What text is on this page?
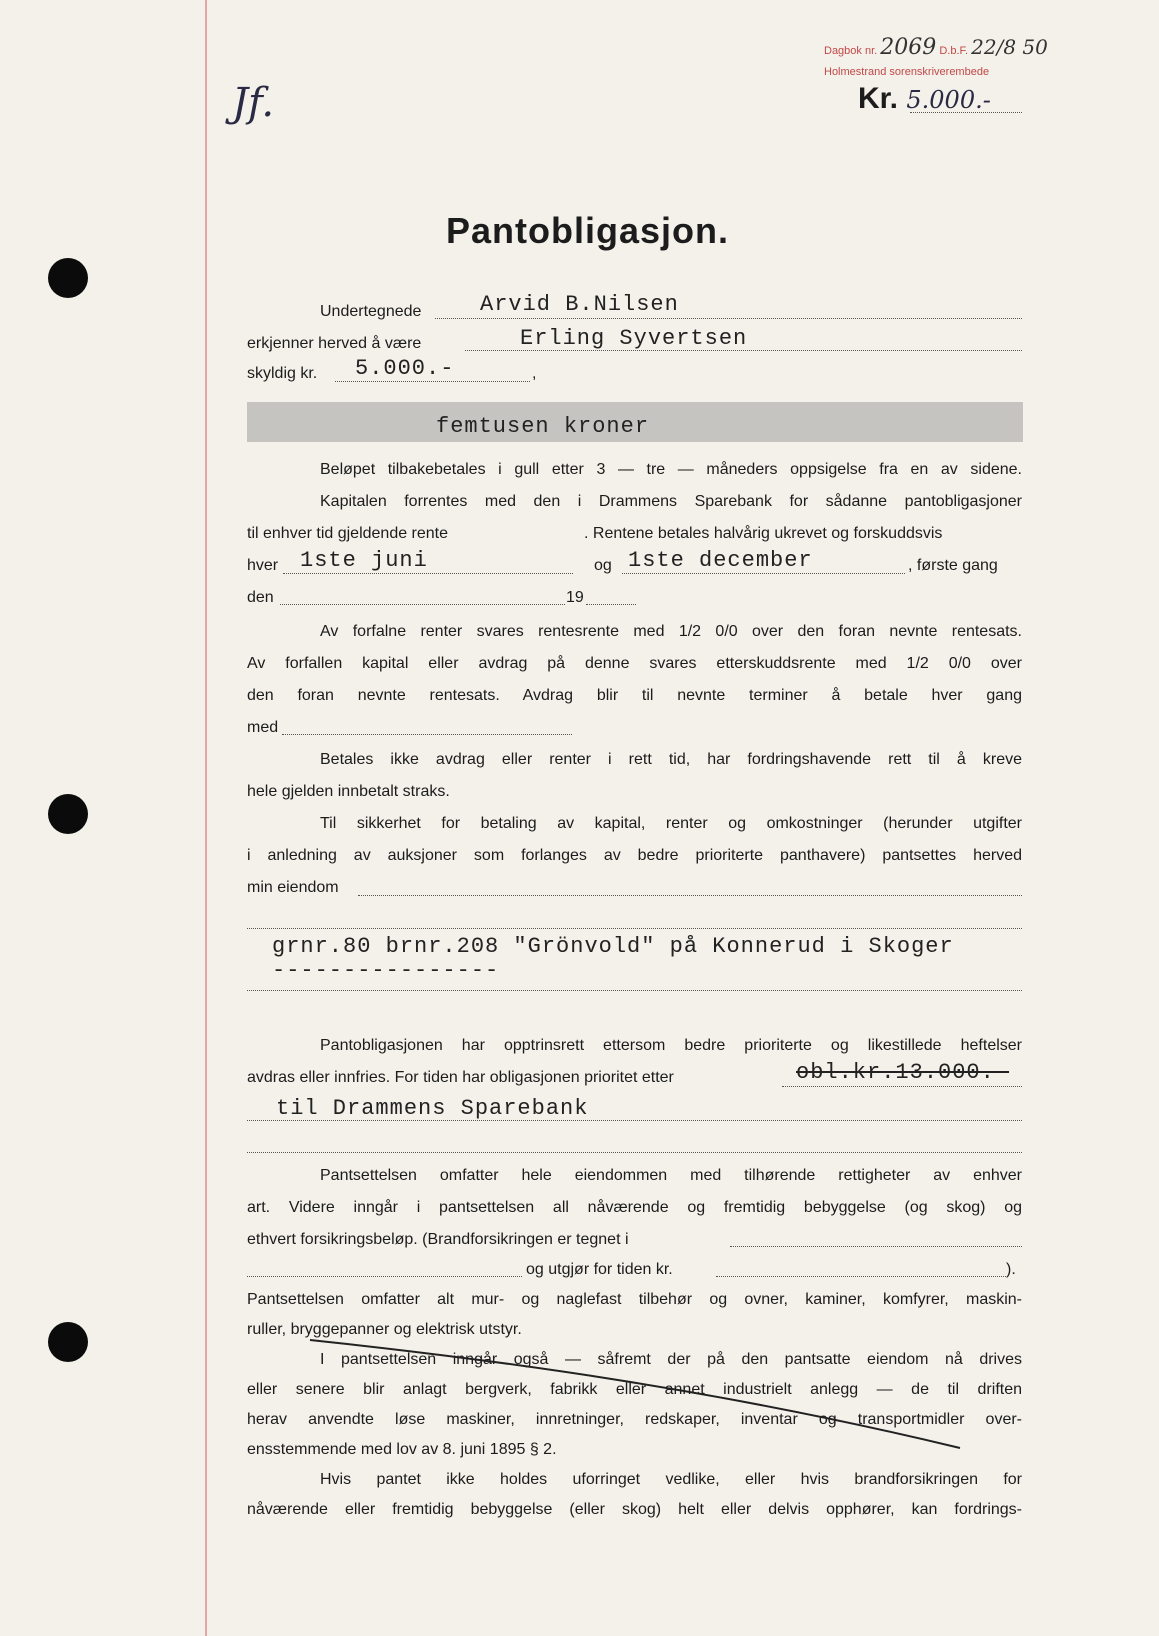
Dagbok nr. 2069 D.b.F. 22/8 50
Holmestrand sorenskriverembede
Kr. 5.000.-
Jf.
Pantobligasjon.
Undertegnede	Arvid B.Nilsen
erkjenner herved å være	Erling Syvertsen
skyldig kr. 5.000.-	,
femtusen kroner
Beløpet tilbakebetales i gull etter 3 — tre — måneders oppsigelse fra en av sidene.
Kapitalen forrentes med den i Drammens Sparebank for sådanne pantobligasjoner
til enhver tid gjeldende rente	. Rentene betales halvårig ukrevet og forskuddsvis
hver 1ste juni	og 1ste december	, første gang
den	19
Av forfalne renter svares rentesrente med 1/2 0/0 over den foran nevnte rentesats.
Av forfallen kapital eller avdrag på denne svares etterskuddsrente med 1/2 0/0 over
den foran nevnte rentesats. Avdrag blir til nevnte terminer å betale hver gang
med
Betales ikke avdrag eller renter i rett tid, har fordringshavende rett til å kreve
hele gjelden innbetalt straks.
Til sikkerhet for betaling av kapital, renter og omkostninger (herunder utgifter
i anledning av auksjoner som forlanges av bedre prioriterte panthavere) pantsettes herved
min eiendom
grnr.80 brnr.208 "Grönvold" på Konnerud i Skoger
----------------
Pantobligasjonen har opptrinsrett ettersom bedre prioriterte og likestillede heftelser
avdras eller innfries. For tiden har obligasjonen prioritet etter	obl.kr.13.000.-
til Drammens Sparebank
Pantsettelsen omfatter hele eiendommen med tilhørende rettigheter av enhver
art. Videre inngår i pantsettelsen all nåværende og fremtidig bebyggelse (og skog) og
ethvert forsikringsbeløp. (Brandforsikringen er tegnet i
og utgjør for tiden kr.	).
Pantsettelsen omfatter alt mur- og naglefast tilbehør og ovner, kaminer, komfyrer, maskin-
ruller, bryggepanner og elektrisk utstyr.
I pantsettelsen inngår også — såfremt der på den pantsatte eiendom nå drives
eller senere blir anlagt bergverk, fabrikk eller annet industrielt anlegg — de til driften
herav anvendte løse maskiner, innretninger, redskaper, inventar og transportmidler over-
ensstemmende med lov av 8. juni 1895 § 2.
Hvis pantet ikke holdes uforringet vedlike, eller hvis brandforsikringen for
nåværende eller fremtidig bebyggelse (eller skog) helt eller delvis opphører, kan fordrings-
